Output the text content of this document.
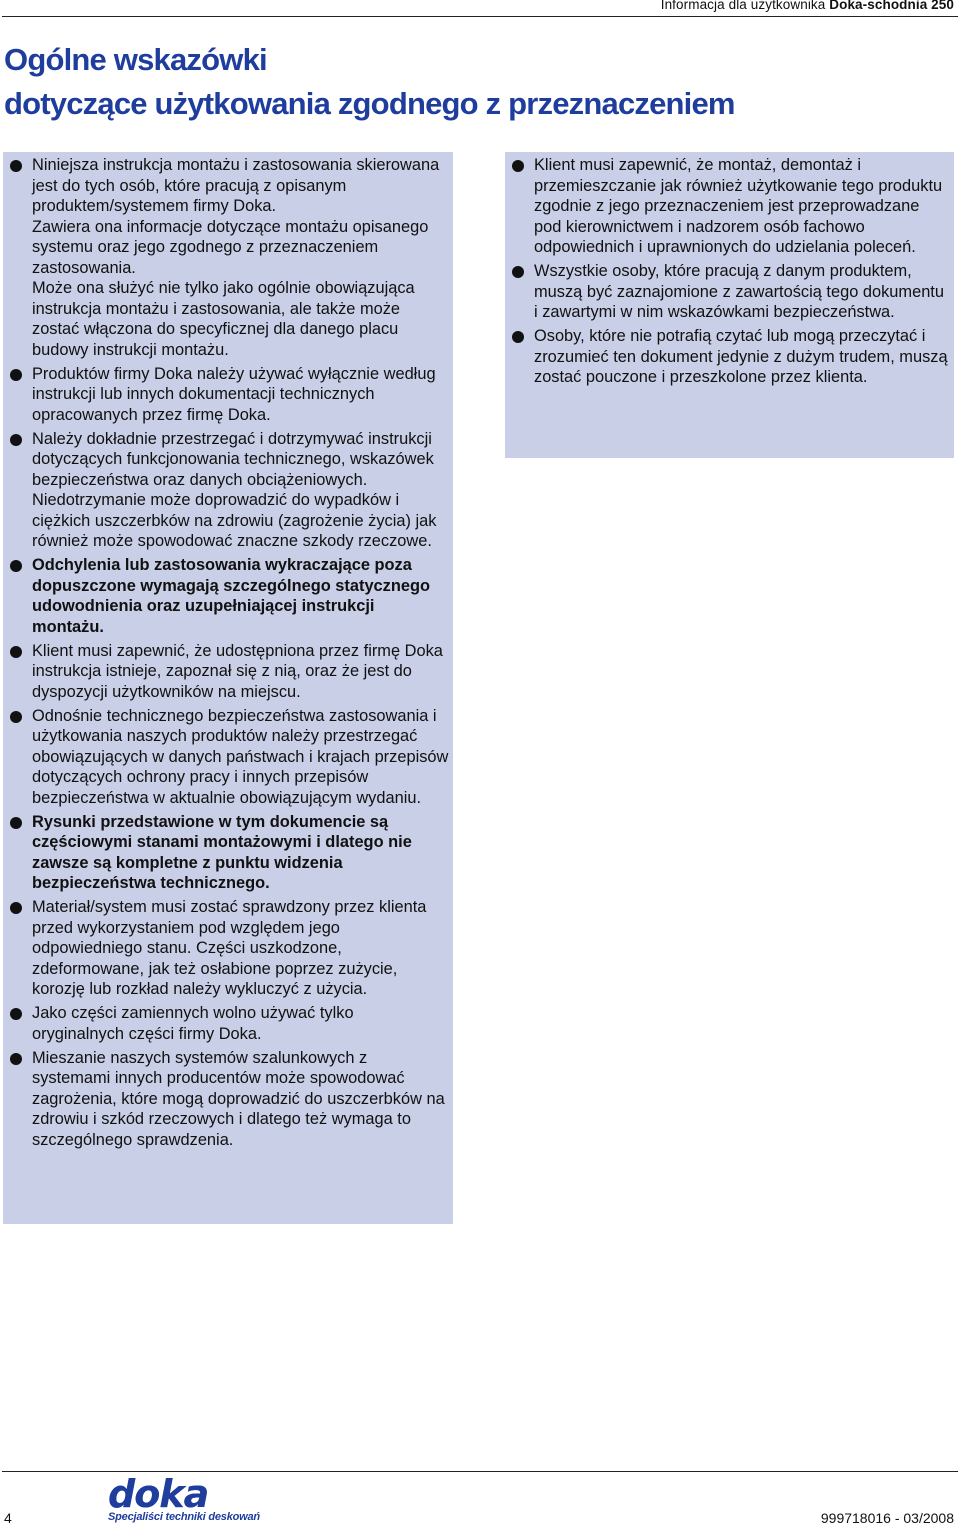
Informacja dla użytkownika Doka-schodnia 250
Ogólne wskazówki
dotyczące użytkowania zgodnego z przeznaczeniem
Niniejsza instrukcja montażu i zastosowania skierowana jest do tych osób, które pracują z opisanym produktem/systemem firmy Doka.
Zawiera ona informacje dotyczące montażu opisanego systemu oraz jego zgodnego z przeznaczeniem zastosowania.
Może ona służyć nie tylko jako ogólnie obowiązująca instrukcja montażu i zastosowania, ale także może zostać włączona do specyficznej dla danego placu budowy instrukcji montażu.
Produktów firmy Doka należy używać wyłącznie według instrukcji lub innych dokumentacji technicznych opracowanych przez firmę Doka.
Należy dokładnie przestrzegać i dotrzymywać instrukcji dotyczących funkcjonowania technicznego, wskazówek bezpieczeństwa oraz danych obciążeniowych. Niedotrzymanie może doprowadzić do wypadków i ciężkich uszczerbków na zdrowiu (zagrożenie życia) jak również może spowodować znaczne szkody rzeczowe.
Odchylenia lub zastosowania wykraczające poza dopuszczone wymagają szczególnego statycznego udowodnienia oraz uzupełniającej instrukcji montażu.
Klient musi zapewnić, że udostępniona przez firmę Doka instrukcja istnieje, zapoznał się z nią, oraz że jest do dyspozycji użytkowników na miejscu.
Odnośnie technicznego bezpieczeństwa zastosowania i użytkowania naszych produktów należy przestrzegać obowiązujących w danych państwach i krajach przepisów dotyczących ochrony pracy i innych przepisów bezpieczeństwa w aktualnie obowiązującym wydaniu.
Rysunki przedstawione w tym dokumencie są częściowymi stanami montażowymi i dlatego nie zawsze są kompletne z punktu widzenia bezpieczeństwa technicznego.
Materiał/system musi zostać sprawdzony przez klienta przed wykorzystaniem pod względem jego odpowiedniego stanu. Części uszkodzone, zdeformowane, jak też osłabione poprzez zużycie, korozję lub rozkład należy wykluczyć z użycia.
Jako części zamiennych wolno używać tylko oryginalnych części firmy Doka.
Mieszanie naszych systemów szalunkowych z systemami innych producentów może spowodować zagrożenia, które mogą doprowadzić do uszczerbków na zdrowiu i szkód rzeczowych i dlatego też wymaga to szczególnego sprawdzenia.
Klient musi zapewnić, że montaż, demontaż i przemieszczanie jak również użytkowanie tego produktu zgodnie z jego przeznaczeniem jest przeprowadzane pod kierownictwem i nadzorem osób fachowo odpowiednich i uprawnionych do udzielania poleceń.
Wszystkie osoby, które pracują z danym produktem, muszą być zaznajomione z zawartością tego dokumentu i zawartymi w nim wskazówkami bezpieczeństwa.
Osoby, które nie potrafią czytać lub mogą przeczytać i zrozumieć ten dokument jedynie z dużym trudem, muszą zostać pouczone i przeszkolone przez klienta.
4
doka
Specjaliści techniki deskowań	999718016 - 03/2008
